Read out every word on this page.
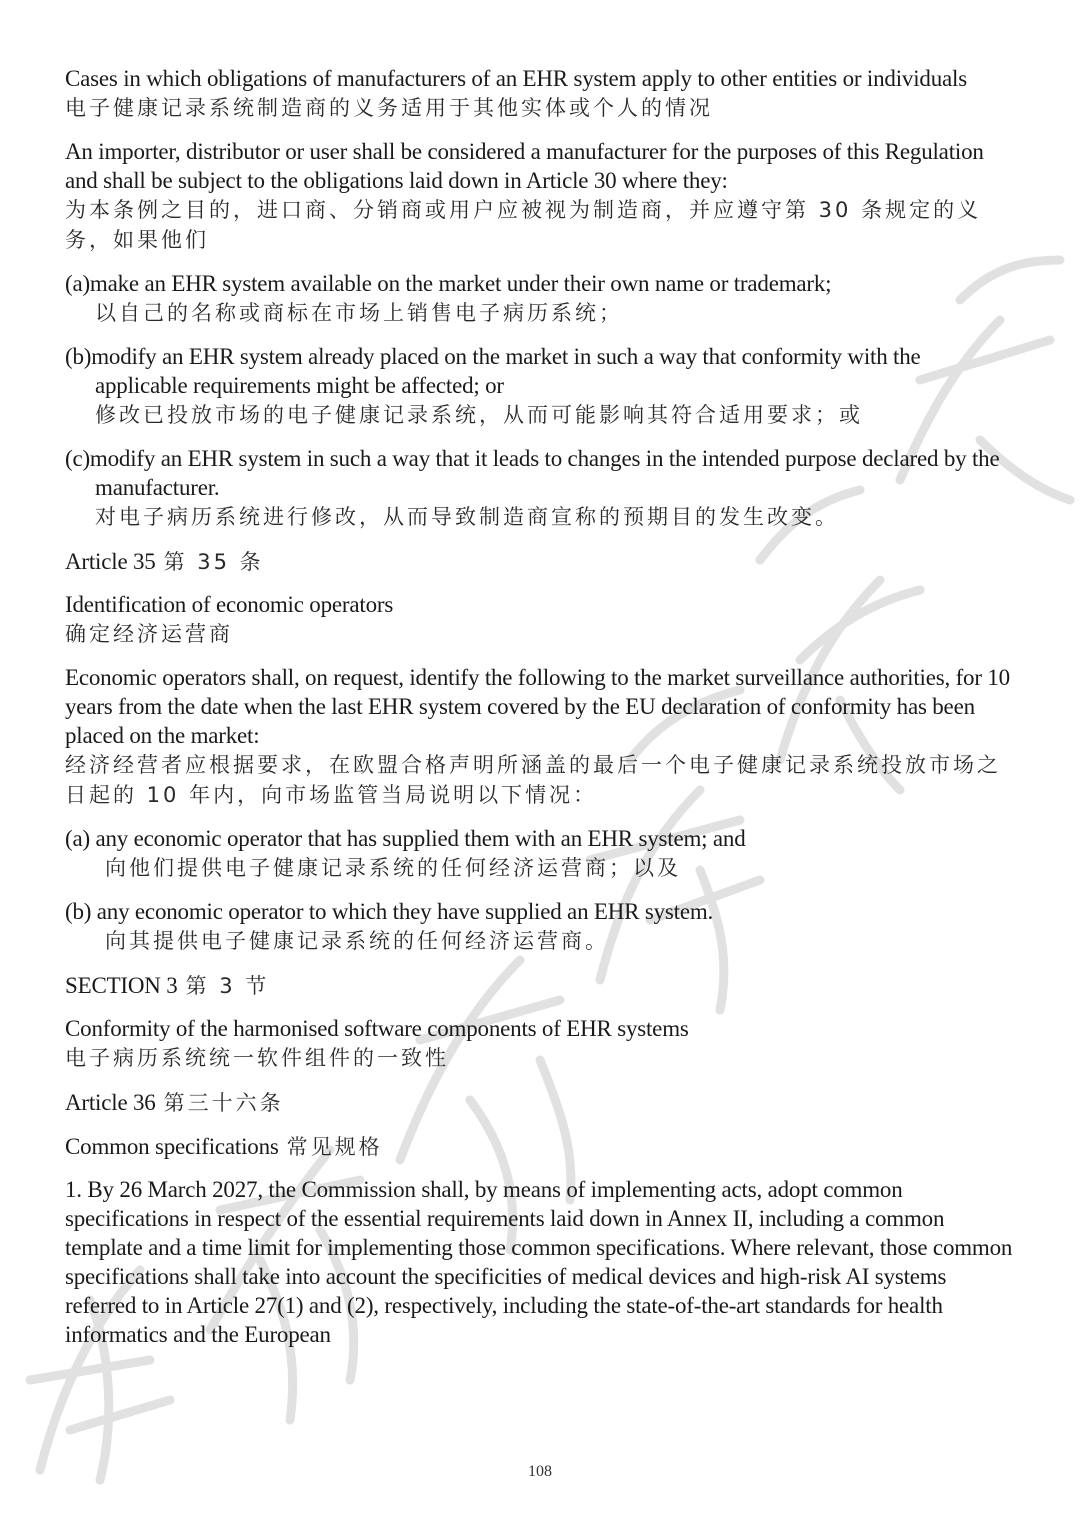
Cases in which obligations of manufacturers of an EHR system apply to other entities or individuals
电子健康记录系统制造商的义务适用于其他实体或个人的情况
An importer, distributor or user shall be considered a manufacturer for the purposes of this Regulation and shall be subject to the obligations laid down in Article 30 where they:
为本条例之目的，进口商、分销商或用户应被视为制造商，并应遵守第 30 条规定的义务，如果他们
(a)make an EHR system available on the market under their own name or trademark;
以自己的名称或商标在市场上销售电子病历系统；
(b)modify an EHR system already placed on the market in such a way that conformity with the applicable requirements might be affected; or
修改已投放市场的电子健康记录系统，从而可能影响其符合适用要求；或
(c)modify an EHR system in such a way that it leads to changes in the intended purpose declared by the manufacturer.
对电子病历系统进行修改，从而导致制造商宣称的预期目的发生改变。
Article 35 第 35 条
Identification of economic operators
确定经济运营商
Economic operators shall, on request, identify the following to the market surveillance authorities, for 10 years from the date when the last EHR system covered by the EU declaration of conformity has been placed on the market:
经济经营者应根据要求，在欧盟合格声明所涵盖的最后一个电子健康记录系统投放市场之日起的 10 年内，向市场监管当局说明以下情况：
(a) any economic operator that has supplied them with an EHR system; and
向他们提供电子健康记录系统的任何经济运营商；以及
(b) any economic operator to which they have supplied an EHR system.
向其提供电子健康记录系统的任何经济运营商。
SECTION 3 第 3 节
Conformity of the harmonised software components of EHR systems
电子病历系统统一软件组件的一致性
Article 36 第三十六条
Common specifications 常见规格
1. By 26 March 2027, the Commission shall, by means of implementing acts, adopt common specifications in respect of the essential requirements laid down in Annex II, including a common template and a time limit for implementing those common specifications. Where relevant, those common specifications shall take into account the specificities of medical devices and high-risk AI systems referred to in Article 27(1) and (2), respectively, including the state-of-the-art standards for health informatics and the European
108
